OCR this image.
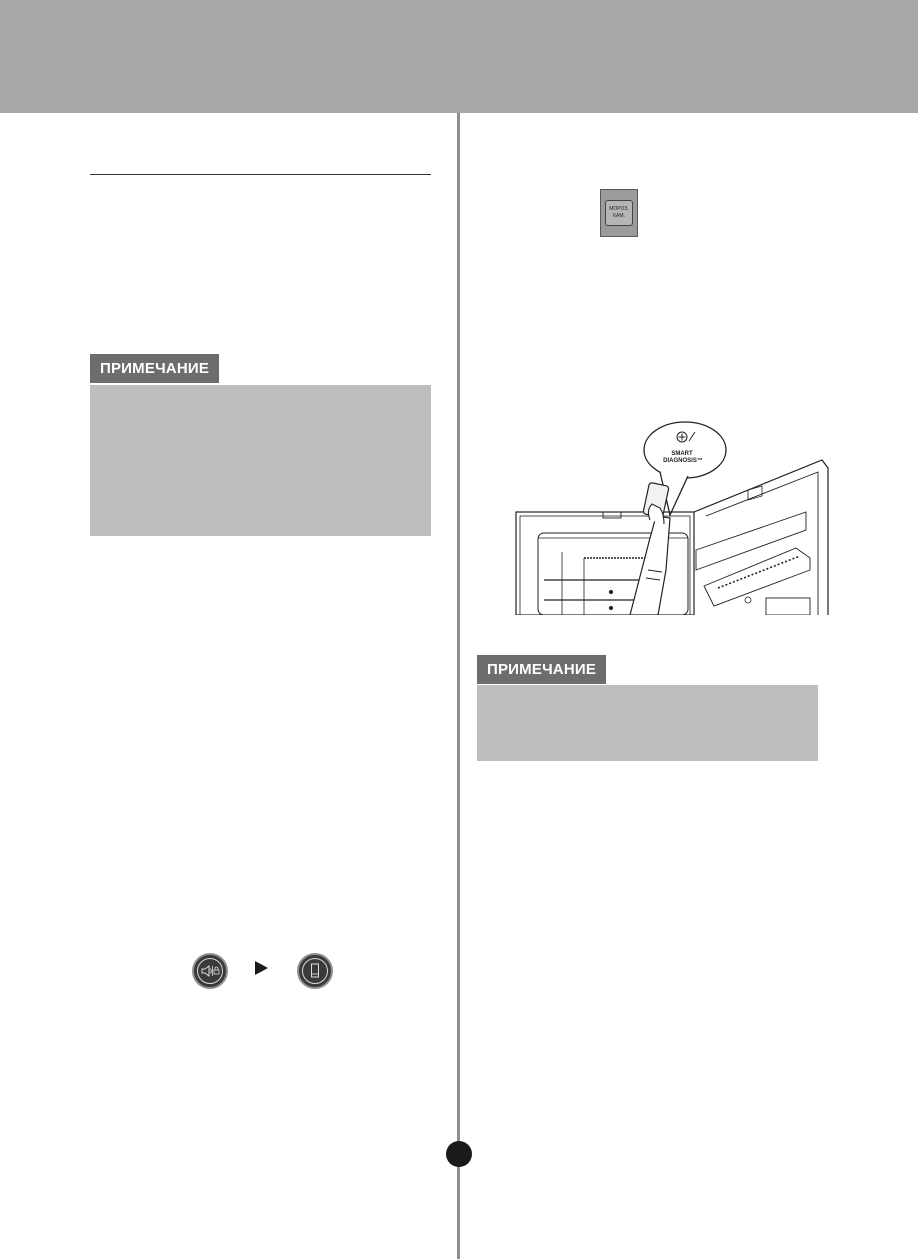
ПРИМЕЧАНИЕ
МОРОЗ.
КАМ.
SMART
DIAGNOSIS™
ПРИМЕЧАНИЕ
